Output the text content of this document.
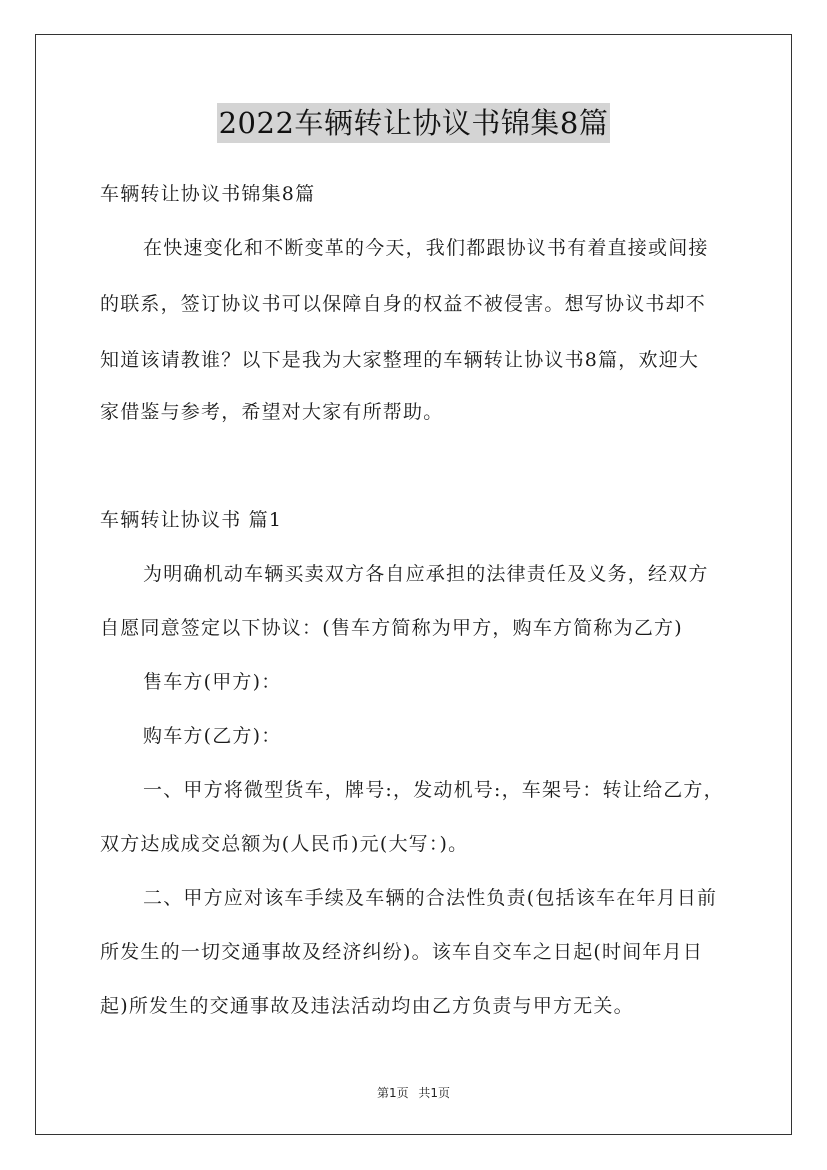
2022车辆转让协议书锦集8篇
车辆转让协议书锦集8篇
在快速变化和不断变革的今天，我们都跟协议书有着直接或间接
的联系，签订协议书可以保障自身的权益不被侵害。想写协议书却不
知道该请教谁？以下是我为大家整理的车辆转让协议书8篇，欢迎大
家借鉴与参考，希望对大家有所帮助。
车辆转让协议书 篇1
为明确机动车辆买卖双方各自应承担的法律责任及义务，经双方
自愿同意签定以下协议：(售车方简称为甲方，购车方简称为乙方)
售车方(甲方)：
购车方(乙方)：
一、甲方将微型货车，牌号:，发动机号:，车架号：转让给乙方，
双方达成成交总额为(人民币)元(大写：)。
二、甲方应对该车手续及车辆的合法性负责(包括该车在年月日前
所发生的一切交通事故及经济纠纷)。该车自交车之日起(时间年月日
起)所发生的交通事故及违法活动均由乙方负责与甲方无关。
第1页 共1页
